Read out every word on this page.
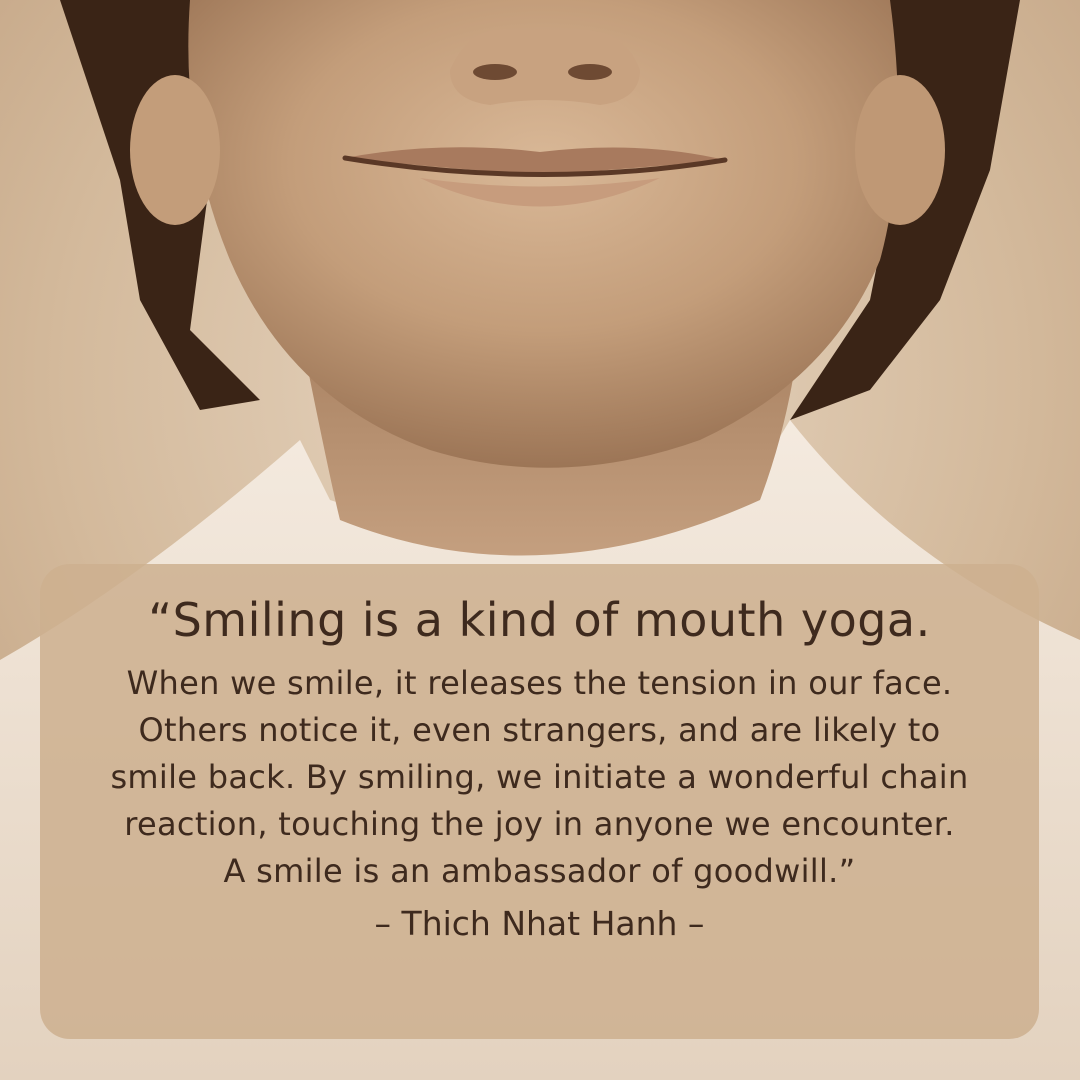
“Smiling is a kind of mouth yoga.

When we smile, it releases the tension in our face.
Others notice it, even strangers, and are likely to
smile back. By smiling, we initiate a wonderful chain
reaction, touching the joy in anyone we encounter.
A smile is an ambassador of goodwill.”
– Thich Nhat Hanh –
